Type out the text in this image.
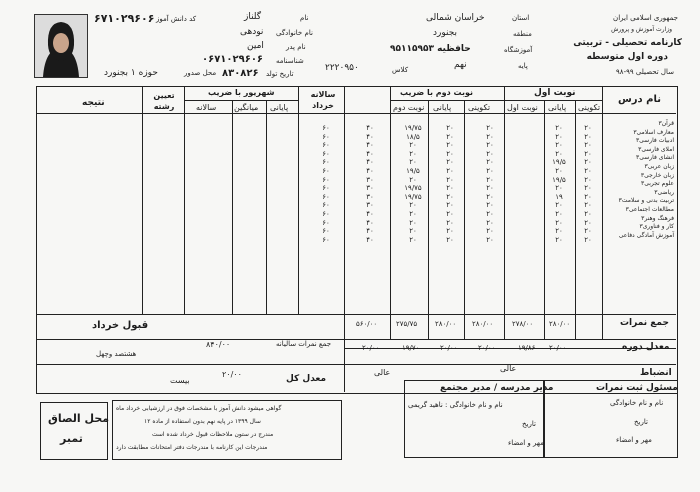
جمهوری اسلامی ایران
وزارت آموزش و پرورش
کارنامه تحصیلی - تربیتی
دوره اول متوسطه
سال تحصیلی ۹۹-۹۸
استان
خراسان شمالی
منطقه
بجنورد
آموزشگاه
۹۵۱۱۵۹۵۳ حافظیه
پایه
نهم
کلاس
۲۲۲۰۹۵۰
نام
گلناز
نام خانوادگی
نودهی
نام پدر
امین
شناسنامه
۰۶۷۱۰۲۹۶۰۶
تاریخ تولد
۸۳۰۸۲۶
محل صدور
حوزه ۱ بجنورد
کد دانش آموز
۶۷۱۰۲۹۶۰۶
نام درس
نوبت اول
نوبت دوم با ضریب
سالانه خرداد
شهریور با ضریب
تعیین رشته
نتیجه	تکوینی
پایانی
نوبت اول
تکوینی
پایانی
نوبت دوم
پایانی
میانگین
سالانه
قرآن۳
معارف اسلامی۳
ادبیات فارسی۳
املای فارسی۳
انشای فارسی۳
زبان عربی۳
زبان خارجی۳
علوم تجربی۳
ریاضی۳
تربیت بدنی و سلامت۳
مطالعات اجتماعی۳
فرهنگ وهنر۳
کار و فناوری۳
آموزش آمادگی دفاعی
۲۰
۲۰
۲۰
۲۰
۲۰
۲۰
۲۰
۲۰
۲۰
۲۰
۲۰
۲۰
۲۰
۲۰
۲۰
۲۰
۲۰
۲۰
۱۹/۵
۲۰
۱۹/۵
۲۰
۱۹
۲۰
۲۰
۲۰
۲۰
۲۰
۲۰
۲۰
۲۰
۲۰
۲۰
۲۰
۲۰
۲۰
۲۰
۲۰
۲۰
۲۰
۲۰
۲۰
۲۰
۲۰
۲۰
۲۰
۲۰
۲۰
۲۰
۲۰
۲۰
۲۰
۲۰
۲۰
۲۰
۲۰
۱۹/۷۵
۱۸/۵
۲۰
۲۰
۲۰
۱۹/۵
۲۰
۱۹/۷۵
۱۹/۷۵
۲۰
۲۰
۲۰
۲۰
۲۰
۴۰
۴۰
۴۰
۴۰
۴۰
۴۰
۳۰
۳۰
۳۰
۳۰
۴۰
۴۰
۴۰
۴۰
۶۰
۶۰
۶۰
۶۰
۶۰
۶۰
۶۰
۶۰
۶۰
۶۰
۶۰
۶۰
۶۰
۶۰
جمع نمرات
۲۸۰/۰۰
۲۷۸/۰۰
۲۸۰/۰۰
۲۸۰/۰۰
۲۷۵/۷۵
۵۶۰/۰۰
قبول خرداد
معدل دوره
۲۰/۰۰
۱۹/۸۶
۲۰/۰۰
۲۰/۰۰
۱۹/۷۰
۲۰/۰۰
جمع نمرات سالیانه
۸۴۰/۰۰
هشتصد وچهل
انضباط
عالی
عالی
معدل کل
۲۰/۰۰
بیست
مسئول ثبت نمرات
نام و نام خانوادگی
تاریخ
مهر و امضاء
مدیر مدرسه / مدیر مجتمع
نام و نام خانوادگی : ناهید گریمی
تاریخ
مهر و امضاء
گواهی میشود دانش آموز با مشخصات فوق در ارزشیابی خرداد ماه
سال ۱۳۹۹ در پایه نهم بدون استفاده از ماده ۱۲
مندرج در ستون ملاحظات قبول خرداد شده است
مندرجات این کارنامه با مندرجات دفتر امتحانات مطابقت دارد
محل الصاق
تمبر
